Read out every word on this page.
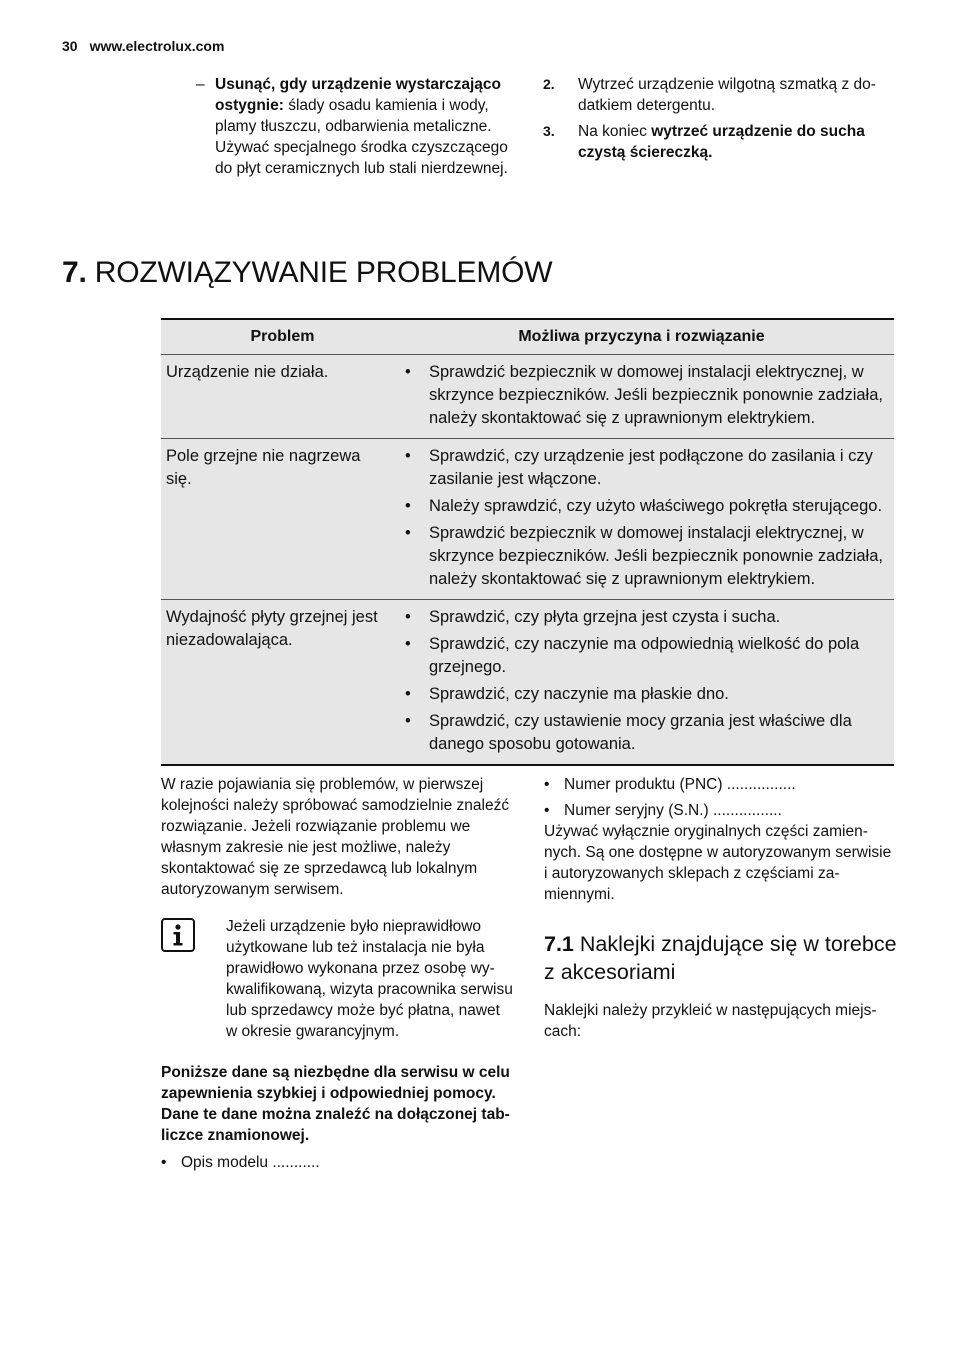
30 www.electrolux.com
– Usunąć, gdy urządzenie wystarczająco ostygnie: ślady osadu kamienia i wody, plamy tłuszczu, odbarwienia metaliczne. Używać specjalnego środka czyszczącego do płyt ceramicznych lub stali nierdzewnej.
2. Wytrzeć urządzenie wilgotną szmatką z dodatkiem detergentu.
3. Na koniec wytrzeć urządzenie do sucha czystą ściereczką.
7. ROZWIĄZYWANIE PROBLEMÓW
Problem	Możliwa przyczyna i rozwiązanie
Urządzenie nie działa.
•	Sprawdzić bezpiecznik w domowej instalacji elektrycznej, w skrzynce bezpieczników. Jeśli bezpiecznik ponownie zadziała, należy skontaktować się z uprawnionym elektrykiem.
Pole grzejne nie nagrzewa się.
• Sprawdzić, czy urządzenie jest podłączone do zasilania i czy zasilanie jest włączone.
• Należy sprawdzić, czy użyto właściwego pokrętła sterującego.
• Sprawdzić bezpiecznik w domowej instalacji elektrycznej, w skrzynce bezpieczników. Jeśli bezpiecznik ponownie zadziała, należy skontaktować się z uprawnionym elektrykiem.
Wydajność płyty grzejnej jest niezadowalająca.
• Sprawdzić, czy płyta grzejna jest czysta i sucha.
• Sprawdzić, czy naczynie ma odpowiednią wielkość do pola grzejnego.
• Sprawdzić, czy naczynie ma płaskie dno.
• Sprawdzić, czy ustawienie mocy grzania jest właściwe dla danego sposobu gotowania.
W razie pojawiania się problemów, w pierwszej kolejności należy spróbować samodzielnie znaleźć rozwiązanie. Jeżeli rozwiązanie problemu we własnym zakresie nie jest możliwe, należy skontaktować się ze sprzedawcą lub lokalnym autoryzowanym serwisem.
Jeżeli urządzenie było nieprawidłowo użytkowane lub też instalacja nie była prawidłowo wykonana przez osobę wykwalifikowaną, wizyta pracownika serwisu lub sprzedawcy może być płatna, nawet w okresie gwarancyjnym.
Poniższe dane są niezbędne dla serwisu w celu zapewnienia szybkiej i odpowiedniej pomocy. Dane te dane można znaleźć na dołączonej tabliczce znamionowej.
• Opis modelu ...........
• Numer produktu (PNC) ................
• Numer seryjny (S.N.) ................
Używać wyłącznie oryginalnych części zamiennych. Są one dostępne w autoryzowanym serwisie i autoryzowanych sklepach z częściami zamiennymi.
7.1 Naklejki znajdujące się w torebce z akcesoriami
Naklejki należy przykleić w następujących miejscach:
